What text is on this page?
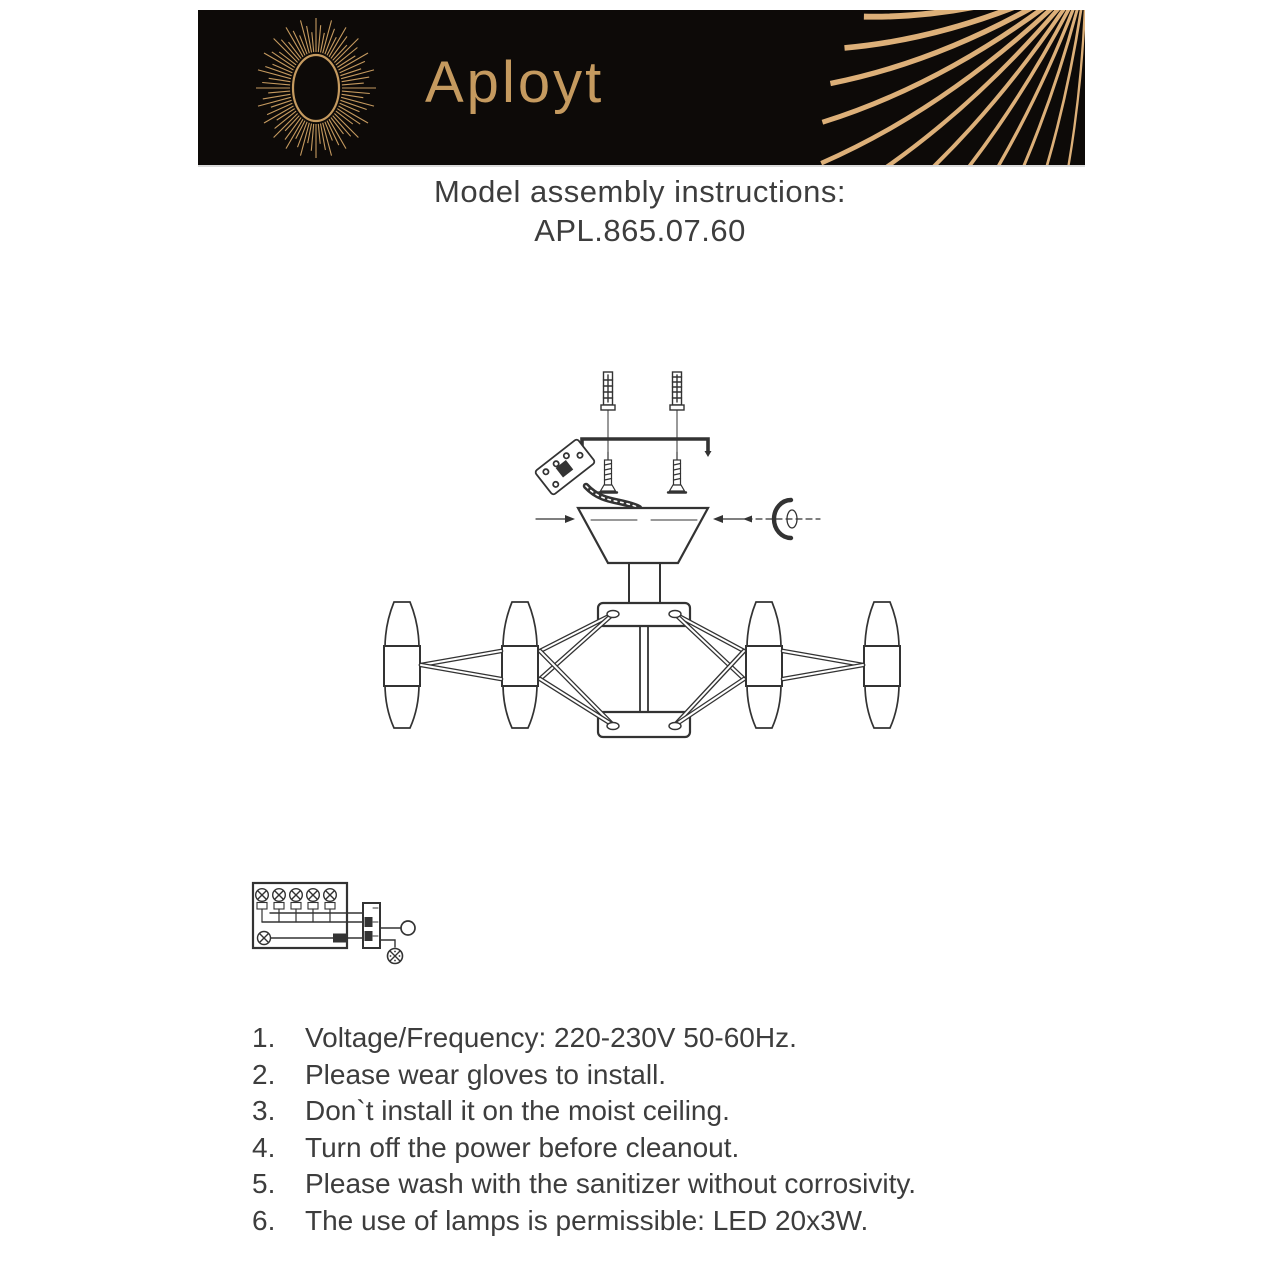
Aployt
Model assembly instructions:
APL.865.07.60
1.	Voltage/Frequency: 220-230V 50-60Hz.
2.	Please wear gloves to install.
3.	Don`t install it on the moist ceiling.
4.	Turn off the power before cleanout.
5.	Please wash with the sanitizer without corrosivity.
6.	The use of lamps is permissible: LED 20x3W.
